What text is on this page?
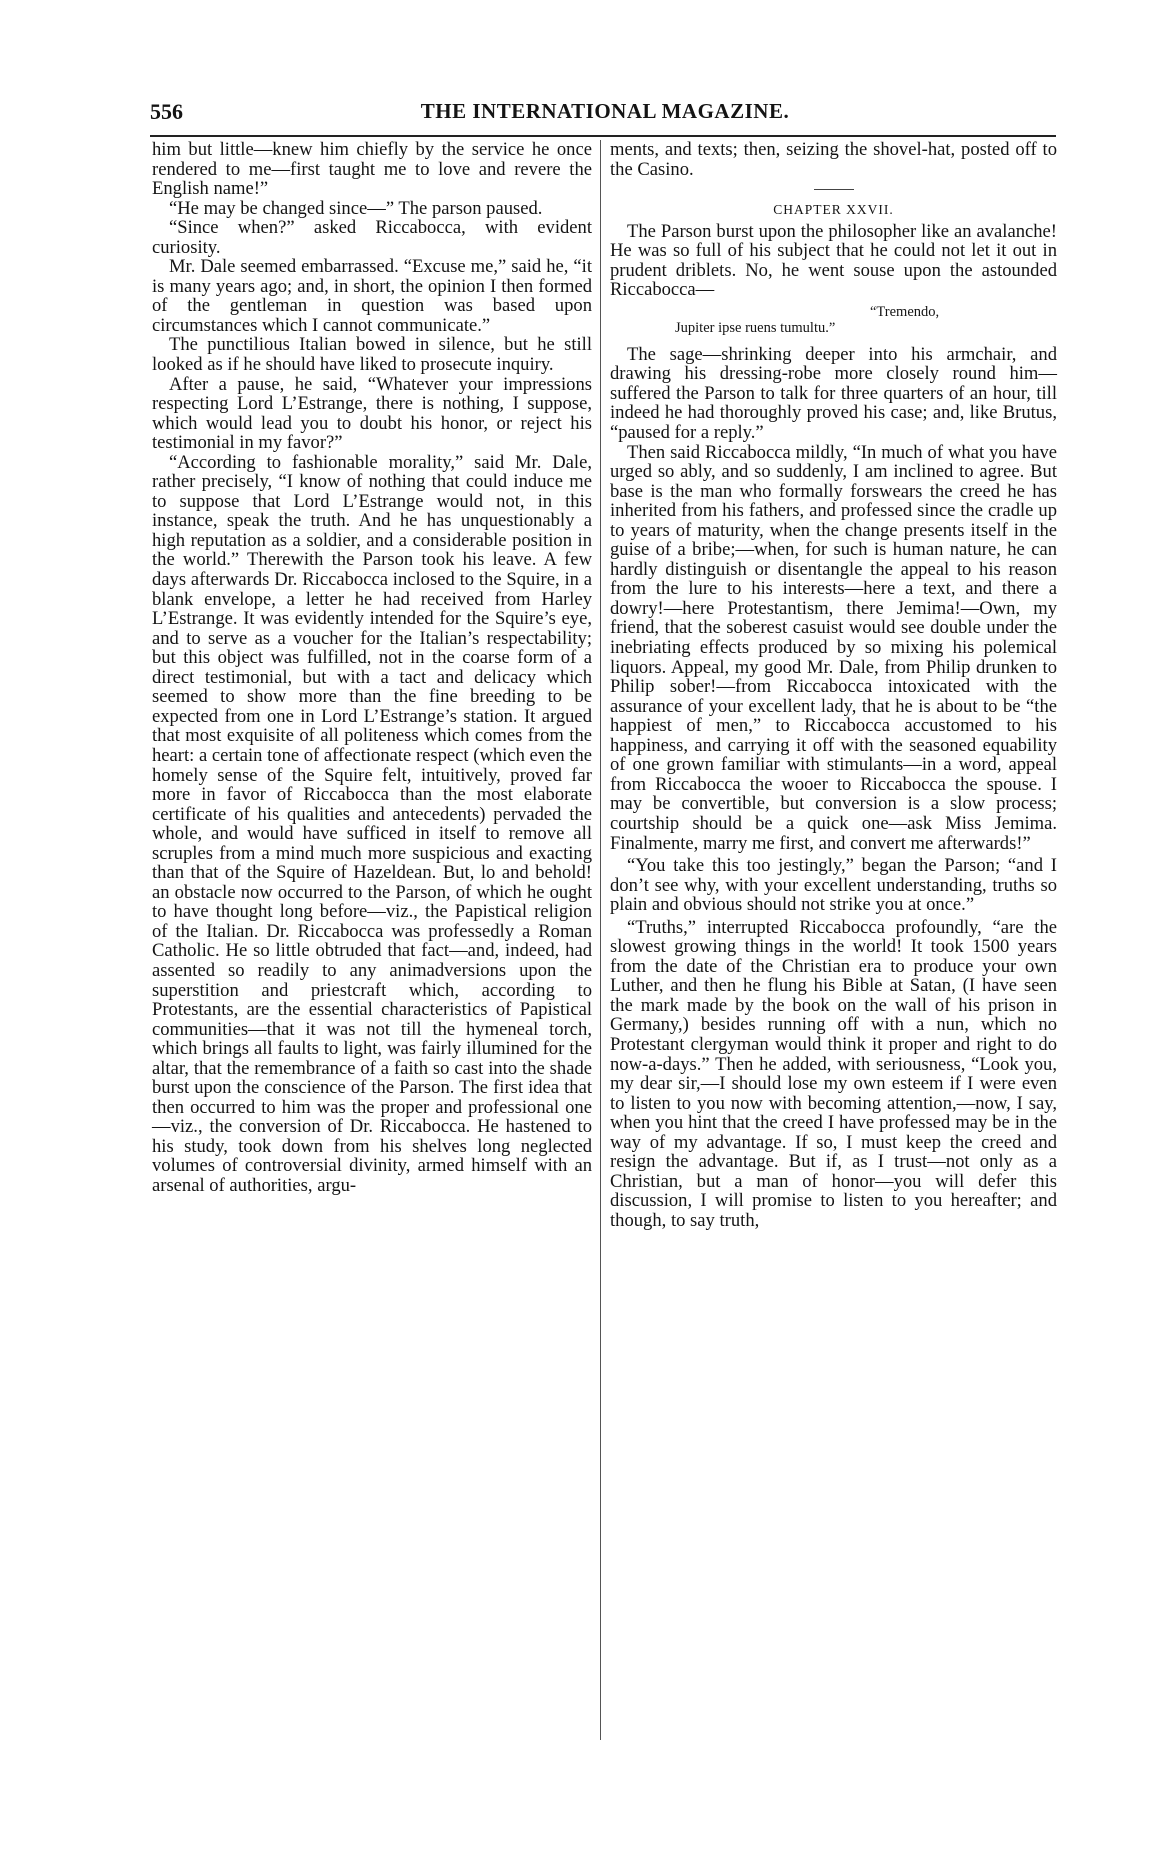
556	THE INTERNATIONAL MAGAZINE.

him but little—knew him chiefly by the service he once rendered to me—first taught me to love and revere the English name!”

“He may be changed since—” The parson paused.

“Since when?” asked Riccabocca, with evident curiosity.

Mr. Dale seemed embarrassed. “Excuse me,” said he, “it is many years ago; and, in short, the opinion I then formed of the gentleman in question was based upon circumstances which I cannot communicate.”

The punctilious Italian bowed in silence, but he still looked as if he should have liked to prosecute inquiry.

After a pause, he said, “Whatever your impressions respecting Lord L’Estrange, there is nothing, I suppose, which would lead you to doubt his honor, or reject his testimonial in my favor?”

“According to fashionable morality,” said Mr. Dale, rather precisely, “I know of nothing that could induce me to suppose that Lord L’Estrange would not, in this instance, speak the truth. And he has unquestionably a high reputation as a soldier, and a considerable position in the world.” Therewith the Parson took his leave. A few days afterwards Dr. Riccabocca inclosed to the Squire, in a blank envelope, a letter he had received from Harley L’Estrange. It was evidently intended for the Squire’s eye, and to serve as a voucher for the Italian’s respectability; but this object was fulfilled, not in the coarse form of a direct testimonial, but with a tact and delicacy which seemed to show more than the fine breeding to be expected from one in Lord L’Estrange’s station. It argued that most exquisite of all politeness which comes from the heart: a certain tone of affectionate respect (which even the homely sense of the Squire felt, intuitively, proved far more in favor of Riccabocca than the most elaborate certificate of his qualities and antecedents) pervaded the whole, and would have sufficed in itself to remove all scruples from a mind much more suspicious and exacting than that of the Squire of Hazeldean. But, lo and behold! an obstacle now occurred to the Parson, of which he ought to have thought long before—viz., the Papistical religion of the Italian. Dr. Riccabocca was professedly a Roman Catholic. He so little obtruded that fact—and, indeed, had assented so readily to any animadversions upon the superstition and priestcraft which, according to Protestants, are the essential characteristics of Papistical communities—that it was not till the hymeneal torch, which brings all faults to light, was fairly illumined for the altar, that the remembrance of a faith so cast into the shade burst upon the conscience of the Parson. The first idea that then occurred to him was the proper and professional one—viz., the conversion of Dr. Riccabocca. He hastened to his study, took down from his shelves long neglected volumes of controversial divinity, armed himself with an arsenal of authorities, argu-

ments, and texts; then, seizing the shovel-hat, posted off to the Casino.

CHAPTER XXVII.

The Parson burst upon the philosopher like an avalanche! He was so full of his subject that he could not let it out in prudent driblets. No, he went souse upon the astounded Riccabocca—

“Tremendo,
Jupiter ipse ruens tumultu.”

The sage—shrinking deeper into his armchair, and drawing his dressing-robe more closely round him—suffered the Parson to talk for three quarters of an hour, till indeed he had thoroughly proved his case; and, like Brutus, “paused for a reply.”

Then said Riccabocca mildly, “In much of what you have urged so ably, and so suddenly, I am inclined to agree. But base is the man who formally forswears the creed he has inherited from his fathers, and professed since the cradle up to years of maturity, when the change presents itself in the guise of a bribe;—when, for such is human nature, he can hardly distinguish or disentangle the appeal to his reason from the lure to his interests—here a text, and there a dowry!—here Protestantism, there Jemima!—Own, my friend, that the soberest casuist would see double under the inebriating effects produced by so mixing his polemical liquors. Appeal, my good Mr. Dale, from Philip drunken to Philip sober!—from Riccabocca intoxicated with the assurance of your excellent lady, that he is about to be “the happiest of men,” to Riccabocca accustomed to his happiness, and carrying it off with the seasoned equability of one grown familiar with stimulants—in a word, appeal from Riccabocca the wooer to Riccabocca the spouse. I may be convertible, but conversion is a slow process; courtship should be a quick one—ask Miss Jemima. Finalmente, marry me first, and convert me afterwards!”

“You take this too jestingly,” began the Parson; “and I don’t see why, with your excellent understanding, truths so plain and obvious should not strike you at once.”

“Truths,” interrupted Riccabocca profoundly, “are the slowest growing things in the world! It took 1500 years from the date of the Christian era to produce your own Luther, and then he flung his Bible at Satan, (I have seen the mark made by the book on the wall of his prison in Germany,) besides running off with a nun, which no Protestant clergyman would think it proper and right to do now-a-days.” Then he added, with seriousness, “Look you, my dear sir,—I should lose my own esteem if I were even to listen to you now with becoming attention,—now, I say, when you hint that the creed I have professed may be in the way of my advantage. If so, I must keep the creed and resign the advantage. But if, as I trust—not only as a Christian, but a man of honor—you will defer this discussion, I will promise to listen to you hereafter; and though, to say truth,
